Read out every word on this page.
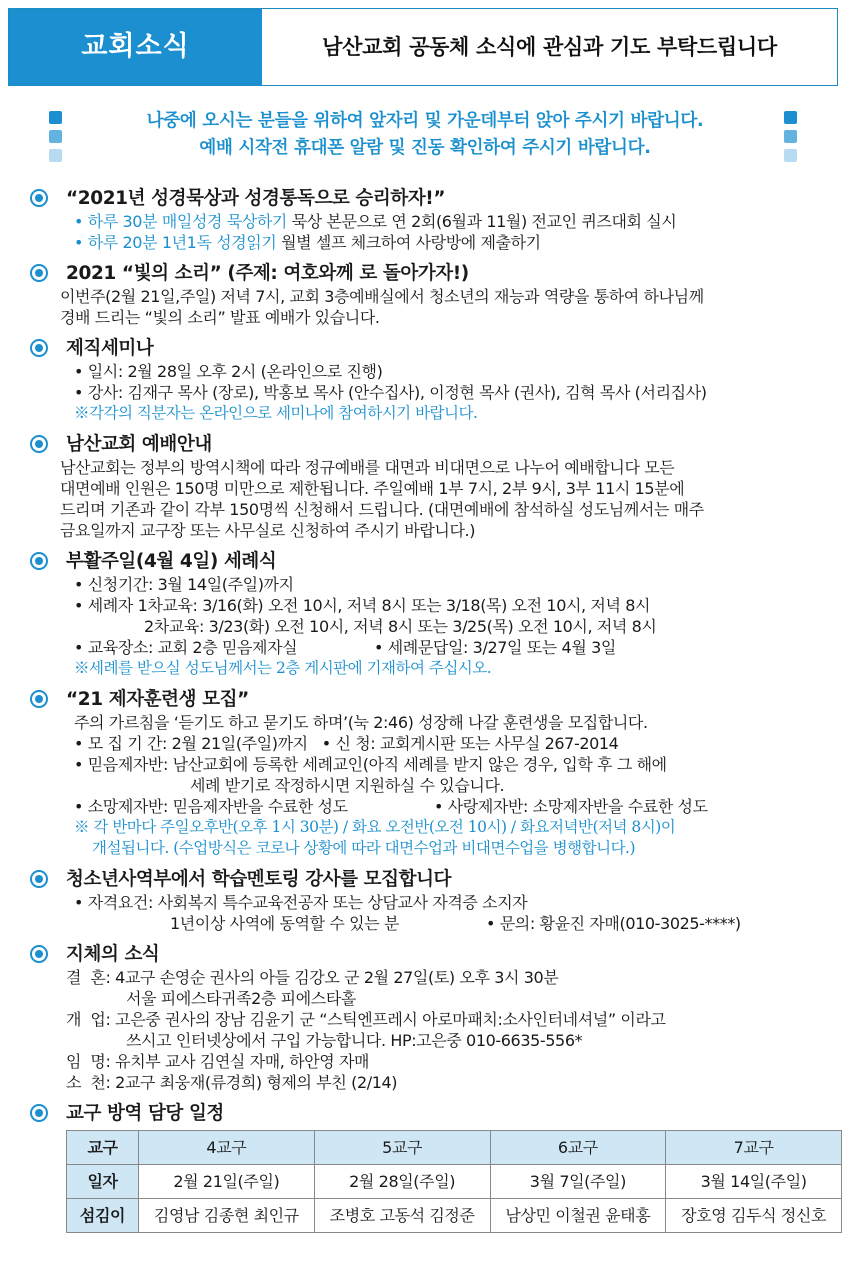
교회소식	남산교회 공동체 소식에 관심과 기도 부탁드립니다
나중에 오시는 분들을 위하여 앞자리 및 가운데부터 앉아 주시기 바랍니다.
예배 시작전 휴대폰 알람 및 진동 확인하여 주시기 바랍니다.
“2021년 성경묵상과 성경통독으로 승리하자!”
• 하루 30분 매일성경 묵상하기 묵상 본문으로 연 2회(6월과 11월) 전교인 퀴즈대회 실시
• 하루 20분 1년1독 성경읽기 월별 셀프 체크하여 사랑방에 제출하기
2021 “빛의 소리” (주제: 여호와께 로 돌아가자!)
이번주(2월 21일,주일) 저녁 7시, 교회 3층예배실에서 청소년의 재능과 역량을 통하여 하나님께
경배 드리는 “빛의 소리” 발표 예배가 있습니다.
제직세미나
• 일시: 2월 28일 오후 2시 (온라인으로 진행)
• 강사: 김재구 목사 (장로), 박홍보 목사 (안수집사), 이정현 목사 (권사), 김혁 목사 (서리집사)
※각각의 직분자는 온라인으로 세미나에 참여하시기 바랍니다.
남산교회 예배안내
남산교회는 정부의 방역시책에 따라 정규예배를 대면과 비대면으로 나누어 예배합니다 모든
대면예배 인원은 150명 미만으로 제한됩니다. 주일예배 1부 7시, 2부 9시, 3부 11시 15분에
드리며 기존과 같이 각부 150명씩 신청해서 드립니다. (대면예배에 참석하실 성도님께서는 매주
금요일까지 교구장 또는 사무실로 신청하여 주시기 바랍니다.)
부활주일(4월 4일) 세례식
• 신청기간: 3월 14일(주일)까지
• 세례자 1차교육: 3/16(화) 오전 10시, 저녁 8시 또는 3/18(목) 오전 10시, 저녁 8시
2차교육: 3/23(화) 오전 10시, 저녁 8시 또는 3/25(목) 오전 10시, 저녁 8시
• 교육장소: 교회 2층 믿음제자실	• 세례문답일: 3/27일 또는 4월 3일
※세례를 받으실 성도님께서는 2층 게시판에 기재하여 주십시오.
“21 제자훈련생 모집”
주의 가르침을 ‘듣기도 하고 묻기도 하며’(눅 2:46) 성장해 나갈 훈련생을 모집합니다.
• 모 집 기 간: 2월 21일(주일)까지   • 신 청: 교회게시판 또는 사무실 267-2014
• 믿음제자반: 남산교회에 등록한 세례교인(아직 세례를 받지 않은 경우, 입학 후 그 해에
세례 받기로 작정하시면 지원하실 수 있습니다.
• 소망제자반: 믿음제자반을 수료한 성도	• 사랑제자반: 소망제자반을 수료한 성도
※ 각 반마다 주일오후반(오후 1시 30분) / 화요 오전반(오전 10시) / 화요저녁반(저녁 8시)이
개설됩니다. (수업방식은 코로나 상황에 따라 대면수업과 비대면수업을 병행합니다.)
청소년사역부에서 학습멘토링 강사를 모집합니다
• 자격요건: 사회복지 특수교육전공자 또는 상담교사 자격증 소지자
1년이상 사역에 동역할 수 있는 분	• 문의: 황윤진 자매(010-3025-****)
지체의 소식
결  혼: 4교구 손영순 권사의 아들 김강오 군 2월 27일(토) 오후 3시 30분
서울 피에스타귀족2층 피에스타홀
개  업: 고은중 권사의 장남 김윤기 군 “스틱엔프레시 아로마패치:소사인터네셔널” 이라고
쓰시고 인터넷상에서 구입 가능합니다. HP:고은중 010-6635-556*
임  명: 유치부 교사 김연실 자매, 하안영 자매
소  천: 2교구 최웅재(류경희) 형제의 부친 (2/14)
교구 방역 담당 일정
교구	4교구	5교구	6교구	7교구
일자	2월 21일(주일)	2월 28일(주일)	3월 7일(주일)	3월 14일(주일)
섬김이	김영남 김종현 최인규	조병호 고동석 김정준	남상민 이철권 윤태홍	장호영 김두식 정신호
